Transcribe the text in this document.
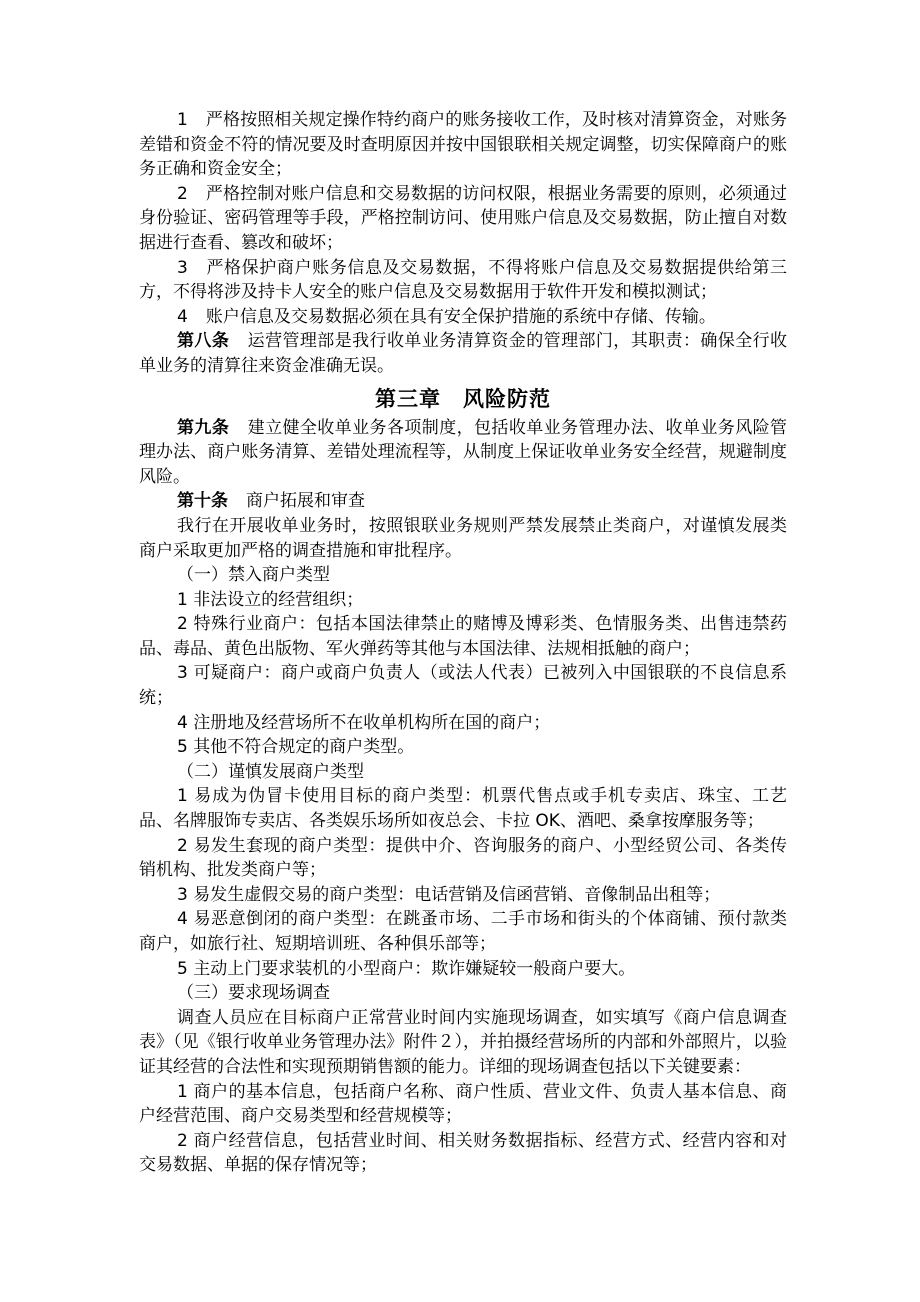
1 严格按照相关规定操作特约商户的账务接收工作，及时核对清算资金，对账务差错和资金不符的情况要及时查明原因并按中国银联相关规定调整，切实保障商户的账务正确和资金安全；

2 严格控制对账户信息和交易数据的访问权限，根据业务需要的原则，必须通过身份验证、密码管理等手段，严格控制访问、使用账户信息及交易数据，防止擅自对数据进行查看、篡改和破坏；

3 严格保护商户账务信息及交易数据，不得将账户信息及交易数据提供给第三方，不得将涉及持卡人安全的账户信息及交易数据用于软件开发和模拟测试；

4 账户信息及交易数据必须在具有安全保护措施的系统中存储、传输。

第八条 运营管理部是我行收单业务清算资金的管理部门，其职责：确保全行收单业务的清算往来资金准确无误。

第三章　风险防范

第九条 建立健全收单业务各项制度，包括收单业务管理办法、收单业务风险管理办法、商户账务清算、差错处理流程等，从制度上保证收单业务安全经营，规避制度风险。

第十条 商户拓展和审查

我行在开展收单业务时，按照银联业务规则严禁发展禁止类商户，对谨慎发展类商户采取更加严格的调查措施和审批程序。

（一）禁入商户类型

1 非法设立的经营组织；

2 特殊行业商户：包括本国法律禁止的赌博及博彩类、色情服务类、出售违禁药品、毒品、黄色出版物、军火弹药等其他与本国法律、法规相抵触的商户；

3 可疑商户：商户或商户负责人（或法人代表）已被列入中国银联的不良信息系统；

4 注册地及经营场所不在收单机构所在国的商户；

5 其他不符合规定的商户类型。

（二）谨慎发展商户类型

1 易成为伪冒卡使用目标的商户类型：机票代售点或手机专卖店、珠宝、工艺品、名牌服饰专卖店、各类娱乐场所如夜总会、卡拉 OK、酒吧、桑拿按摩服务等；

2 易发生套现的商户类型：提供中介、咨询服务的商户、小型经贸公司、各类传销机构、批发类商户等；

3 易发生虚假交易的商户类型：电话营销及信函营销、音像制品出租等；

4 易恶意倒闭的商户类型：在跳蚤市场、二手市场和街头的个体商铺、预付款类商户，如旅行社、短期培训班、各种俱乐部等；

5 主动上门要求装机的小型商户：欺诈嫌疑较一般商户要大。

（三）要求现场调查

调查人员应在目标商户正常营业时间内实施现场调查，如实填写《商户信息调查表》（见《银行收单业务管理办法》附件２），并拍摄经营场所的内部和外部照片，以验证其经营的合法性和实现预期销售额的能力。详细的现场调查包括以下关键要素：

1 商户的基本信息，包括商户名称、商户性质、营业文件、负责人基本信息、商户经营范围、商户交易类型和经营规模等；

2 商户经营信息，包括营业时间、相关财务数据指标、经营方式、经营内容和对交易数据、单据的保存情况等；
